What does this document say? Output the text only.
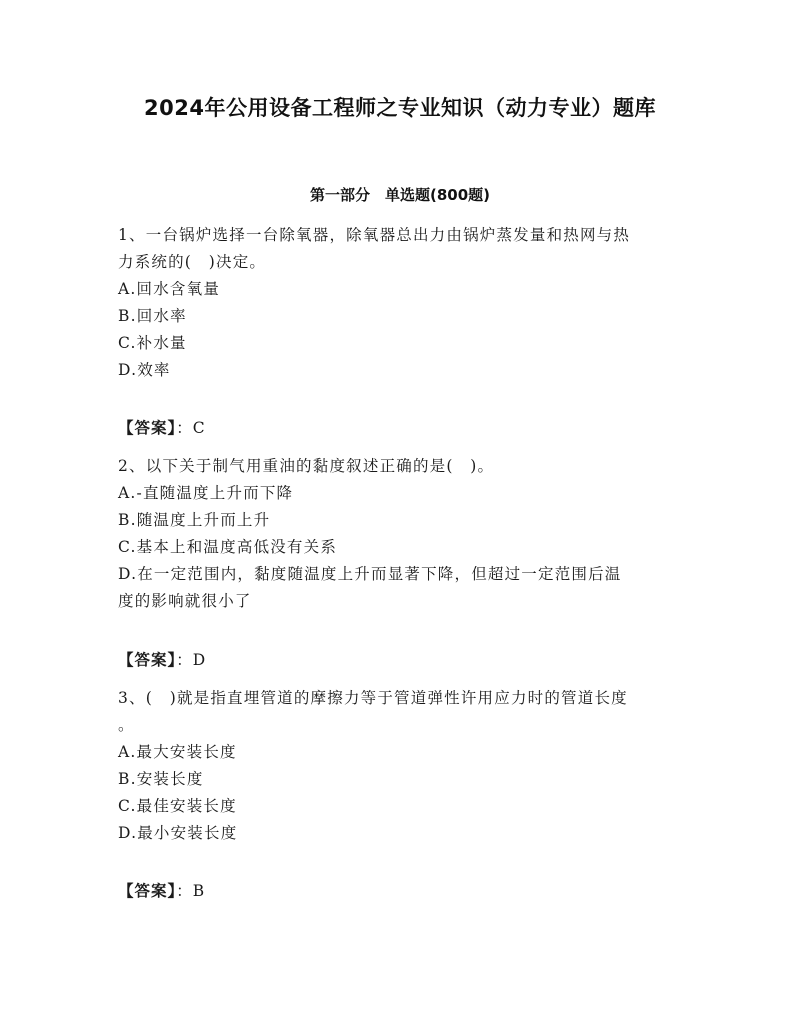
2024年公用设备工程师之专业知识（动力专业）题库
第一部分　单选题(800题)
1、一台锅炉选择一台除氧器，除氧器总出力由锅炉蒸发量和热网与热
力系统的(　)决定。
A.回水含氧量
B.回水率
C.补水量
D.效率
【答案】：C
2、以下关于制气用重油的黏度叙述正确的是(　)。
A.-直随温度上升而下降
B.随温度上升而上升
C.基本上和温度高低没有关系
D.在一定范围内，黏度随温度上升而显著下降，但超过一定范围后温
度的影响就很小了
【答案】：D
3、(　)就是指直埋管道的摩擦力等于管道弹性许用应力时的管道长度
。
A.最大安装长度
B.安装长度
C.最佳安装长度
D.最小安装长度
【答案】：B
